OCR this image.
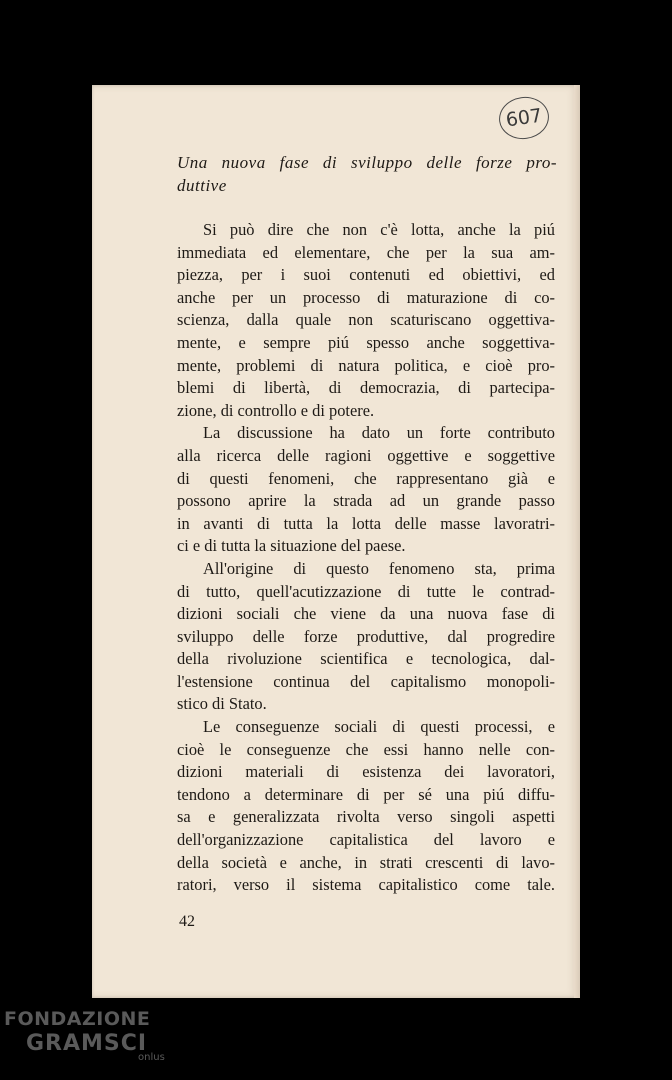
607
Una nuova fase di sviluppo delle forze pro-
duttive
Si può dire che non c'è lotta, anche la piú
immediata ed elementare, che per la sua am-
piezza, per i suoi contenuti ed obiettivi, ed
anche per un processo di maturazione di co-
scienza, dalla quale non scaturiscano oggettiva-
mente, e sempre piú spesso anche soggettiva-
mente, problemi di natura politica, e cioè pro-
blemi di libertà, di democrazia, di partecipa-
zione, di controllo e di potere.
La discussione ha dato un forte contributo
alla ricerca delle ragioni oggettive e soggettive
di questi fenomeni, che rappresentano già e
possono aprire la strada ad un grande passo
in avanti di tutta la lotta delle masse lavoratri-
ci e di tutta la situazione del paese.
All'origine di questo fenomeno sta, prima
di tutto, quell'acutizzazione di tutte le contrad-
dizioni sociali che viene da una nuova fase di
sviluppo delle forze produttive, dal progredire
della rivoluzione scientifica e tecnologica, dal-
l'estensione continua del capitalismo monopoli-
stico di Stato.
Le conseguenze sociali di questi processi, e
cioè le conseguenze che essi hanno nelle con-
dizioni materiali di esistenza dei lavoratori,
tendono a determinare di per sé una piú diffu-
sa e generalizzata rivolta verso singoli aspetti
dell'organizzazione capitalistica del lavoro e
della società e anche, in strati crescenti di lavo-
ratori, verso il sistema capitalistico come tale.
42
FONDAZIONE
GRAMSCI
onlus
